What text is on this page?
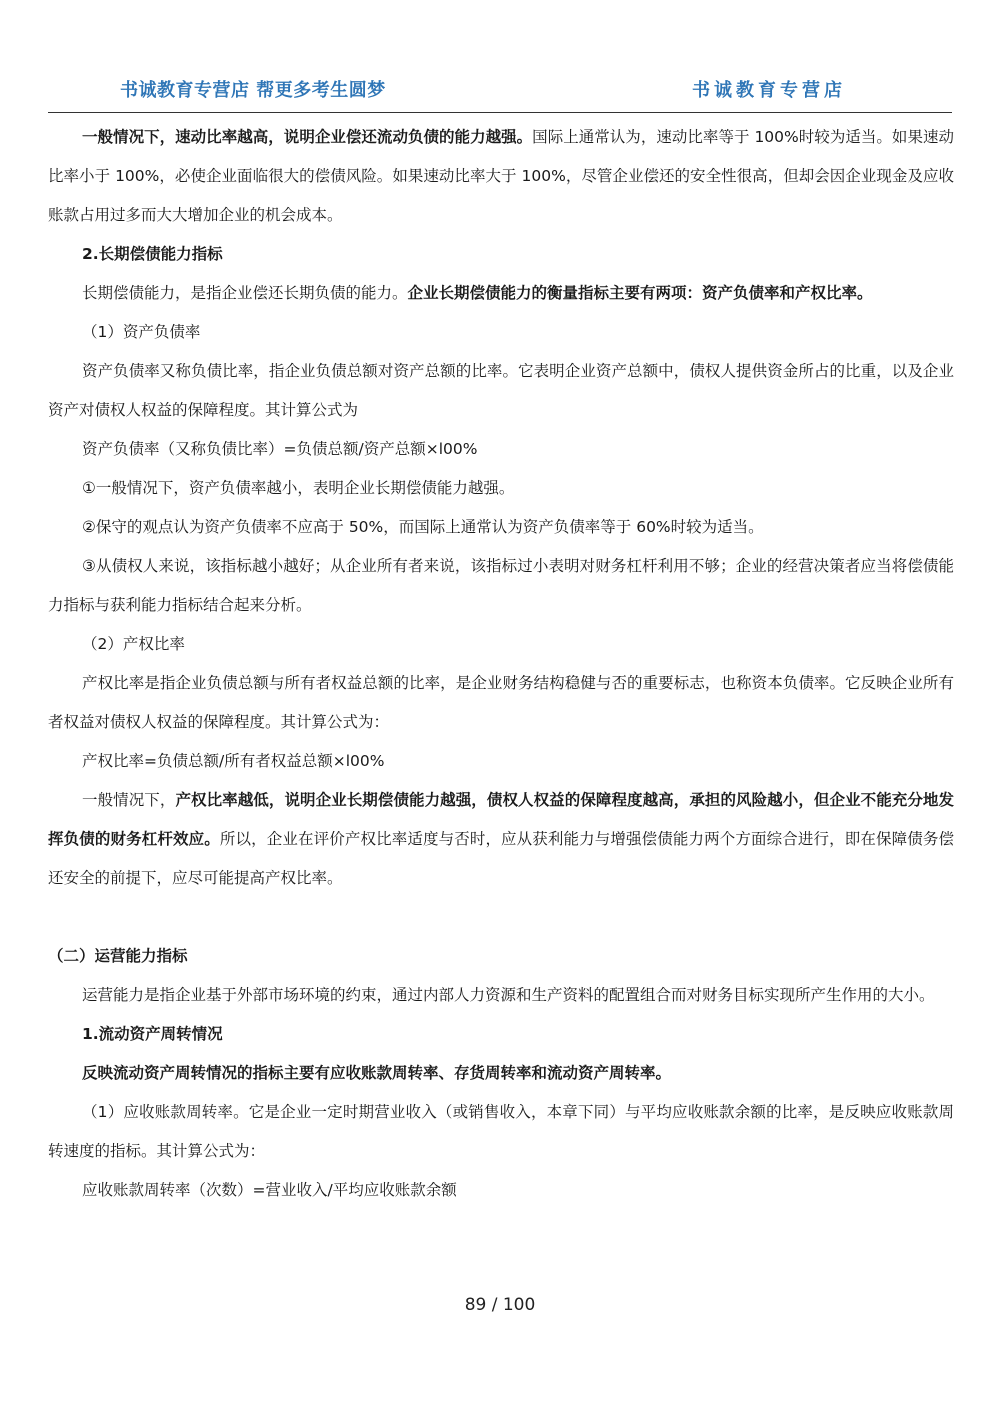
书诚教育专营店 帮更多考生圆梦	书诚教育专营店

一般情况下，速动比率越高，说明企业偿还流动负债的能力越强。国际上通常认为，速动比率等于 100%时较为适当。如果速动比率小于 100%，必使企业面临很大的偿债风险。如果速动比率大于 100%，尽管企业偿还的安全性很高，但却会因企业现金及应收账款占用过多而大大增加企业的机会成本。

2.长期偿债能力指标

长期偿债能力，是指企业偿还长期负债的能力。企业长期偿债能力的衡量指标主要有两项：资产负债率和产权比率。

（1）资产负债率

资产负债率又称负债比率，指企业负债总额对资产总额的比率。它表明企业资产总额中，债权人提供资金所占的比重，以及企业资产对债权人权益的保障程度。其计算公式为

资产负债率（又称负债比率）=负债总额/资产总额×l00%

①一般情况下，资产负债率越小，表明企业长期偿债能力越强。

②保守的观点认为资产负债率不应高于 50%，而国际上通常认为资产负债率等于 60%时较为适当。

③从债权人来说，该指标越小越好；从企业所有者来说，该指标过小表明对财务杠杆利用不够；企业的经营决策者应当将偿债能力指标与获利能力指标结合起来分析。

（2）产权比率

产权比率是指企业负债总额与所有者权益总额的比率，是企业财务结构稳健与否的重要标志，也称资本负债率。它反映企业所有者权益对债权人权益的保障程度。其计算公式为：

产权比率=负债总额/所有者权益总额×l00%

一般情况下，产权比率越低，说明企业长期偿债能力越强，债权人权益的保障程度越高，承担的风险越小，但企业不能充分地发挥负债的财务杠杆效应。所以，企业在评价产权比率适度与否时，应从获利能力与增强偿债能力两个方面综合进行，即在保障债务偿还安全的前提下，应尽可能提高产权比率。

（二）运营能力指标

运营能力是指企业基于外部市场环境的约束，通过内部人力资源和生产资料的配置组合而对财务目标实现所产生作用的大小。

1.流动资产周转情况

反映流动资产周转情况的指标主要有应收账款周转率、存货周转率和流动资产周转率。

（1）应收账款周转率。它是企业一定时期营业收入（或销售收入，本章下同）与平均应收账款余额的比率，是反映应收账款周转速度的指标。其计算公式为：

应收账款周转率（次数）=营业收入/平均应收账款余额

89 / 100
